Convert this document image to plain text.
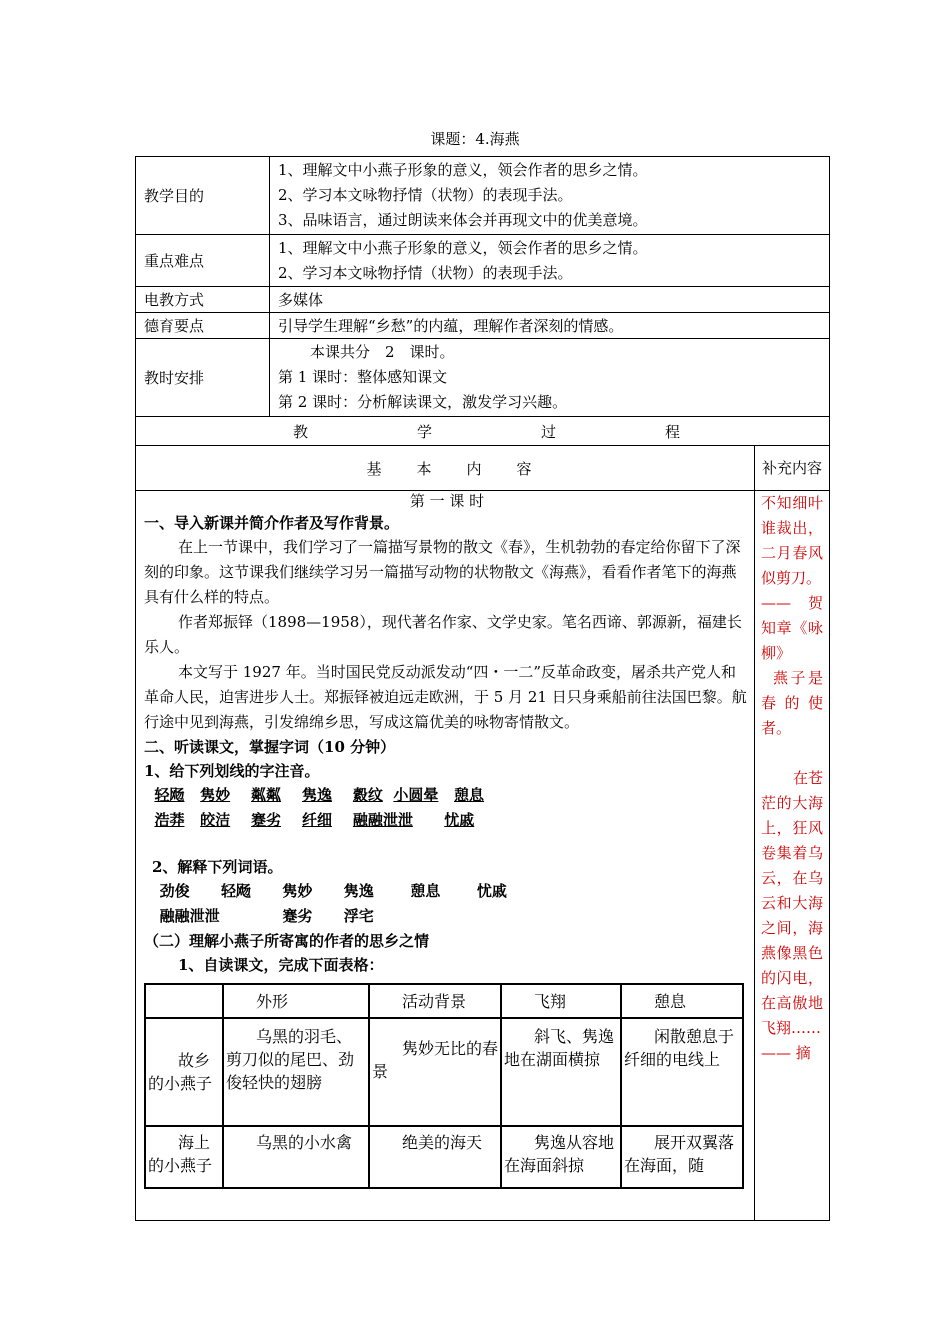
课题：4.海燕
教学目的	
1、理解文中小燕子形象的意义，领会作者的思乡之情。
2、学习本文咏物抒情（状物）的表现手法。
3、品味语言，通过朗读来体会并再现文中的优美意境。

重点难点	
1、理解文中小燕子形象的意义，领会作者的思乡之情。
2、学习本文咏物抒情（状物）的表现手法。

电教方式	多媒体
德育要点	引导学生理解“乡愁”的内蕴，理解作者深刻的情感。
教时安排	
本课共分　2　课时。
第 1 课时：整体感知课文
第 2 课时：分析解读课文，激发学习兴趣。

教	学	过	程
基 本 内 容	补充内容

第 一 课 时
一、导入新课并简介作者及写作背景。

在上一节课中，我们学习了一篇描写景物的散文《春》，生机勃勃的春定给你留下了深刻的印象。这节课我们继续学习另一篇描写动物的状物散文《海燕》，看看作者笔下的海燕具有什么样的特点。

作者郑振铎（1898—1958），现代著名作家、文学史家。笔名西谛、郭源新，福建长乐人。

本文写于 1927 年。当时国民党反动派发动“四・一二”反革命政变，屠杀共产党人和革命人民，迫害进步人士。郑振铎被迫远走欧洲，于 5 月 21 日只身乘船前往法国巴黎。航行途中见到海燕，引发绵绵乡思，写成这篇优美的咏物寄情散文。

二、听读课文，掌握字词（10 分钟）
1、给下列划线的字注音。
轻飏 隽妙 粼粼 隽逸 縠纹 小圆晕 憩息
浩莽 皎洁 蹇劣 纤细 融融泄泄 忧戚
2、解释下列词语。
劲俊 轻飏 隽妙 隽逸 憩息 忧戚
融融泄泄	蹇劣 浮宅
（二）理解小燕子所寄寓的作者的思乡之情
1、自读课文，完成下面表格：
	外形	活动背景	飞翔	憩息
故乡的小燕子	乌黑的羽毛、剪刀似的尾巴、劲俊轻快的翅膀	隽妙无比的春景	斜飞、隽逸地在湖面横掠	闲散憩息于纤细的电线上
海上的小燕子	乌黑的小水禽	绝美的海天	隽逸从容地在海面斜掠	展开双翼落在海面，随

不知细叶谁裁出，二月春风似剪刀。
—— 贺知章《咏柳》
燕子是春的使者。
在苍茫的大海上，狂风卷集着乌云，在乌云和大海之间，海燕像黑色的闪电，在高傲地飞翔……
—— 摘
